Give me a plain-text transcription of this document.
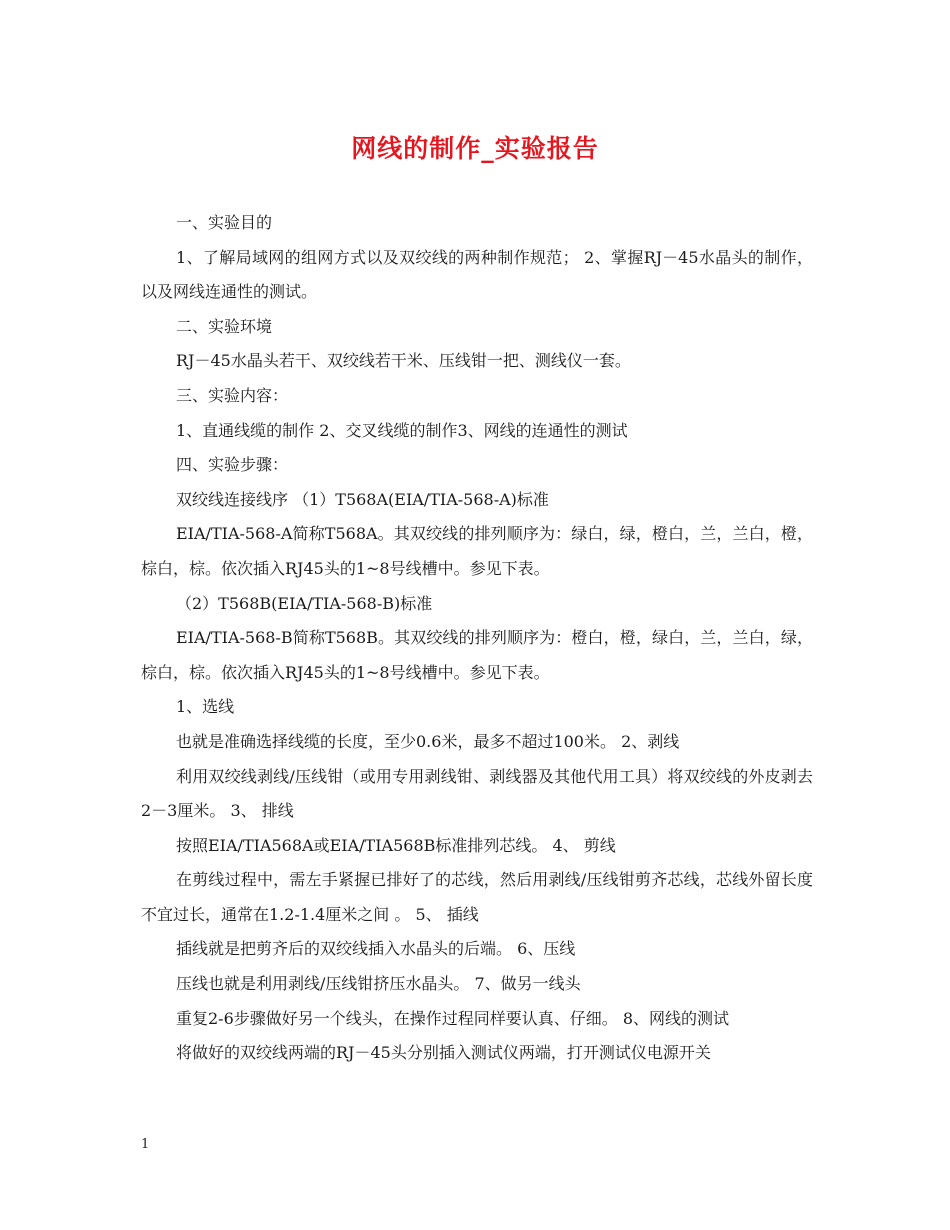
网线的制作_实验报告

一、实验目的

1、了解局域网的组网方式以及双绞线的两种制作规范； 2、掌握RJ－45水晶头的制作，以及网线连通性的测试。

二、实验环境

RJ－45水晶头若干、双绞线若干米、压线钳一把、测线仪一套。

三、实验内容：

1、直通线缆的制作 2、交叉线缆的制作3、网线的连通性的测试

四、实验步骤：

双绞线连接线序 （1）T568A(EIA/TIA-568-A)标准

EIA/TIA-568-A简称T568A。其双绞线的排列顺序为：绿白，绿，橙白，兰，兰白，橙，棕白，棕。依次插入RJ45头的1~8号线槽中。参见下表。

（2）T568B(EIA/TIA-568-B)标准

EIA/TIA-568-B简称T568B。其双绞线的排列顺序为：橙白，橙，绿白，兰，兰白，绿，棕白，棕。依次插入RJ45头的1~8号线槽中。参见下表。

1、选线

也就是准确选择线缆的长度，至少0.6米，最多不超过100米。 2、剥线

利用双绞线剥线/压线钳（或用专用剥线钳、剥线器及其他代用工具）将双绞线的外皮剥去2－3厘米。 3、 排线

按照EIA/TIA568A或EIA/TIA568B标准排列芯线。 4、 剪线

在剪线过程中，需左手紧握已排好了的芯线，然后用剥线/压线钳剪齐芯线，芯线外留长度不宜过长，通常在1.2-1.4厘米之间 。 5、 插线

插线就是把剪齐后的双绞线插入水晶头的后端。 6、压线

压线也就是利用剥线/压线钳挤压水晶头。 7、做另一线头

重复2-6步骤做好另一个线头，在操作过程同样要认真、仔细。 8、网线的测试

将做好的双绞线两端的RJ－45头分别插入测试仪两端，打开测试仪电源开关

1
